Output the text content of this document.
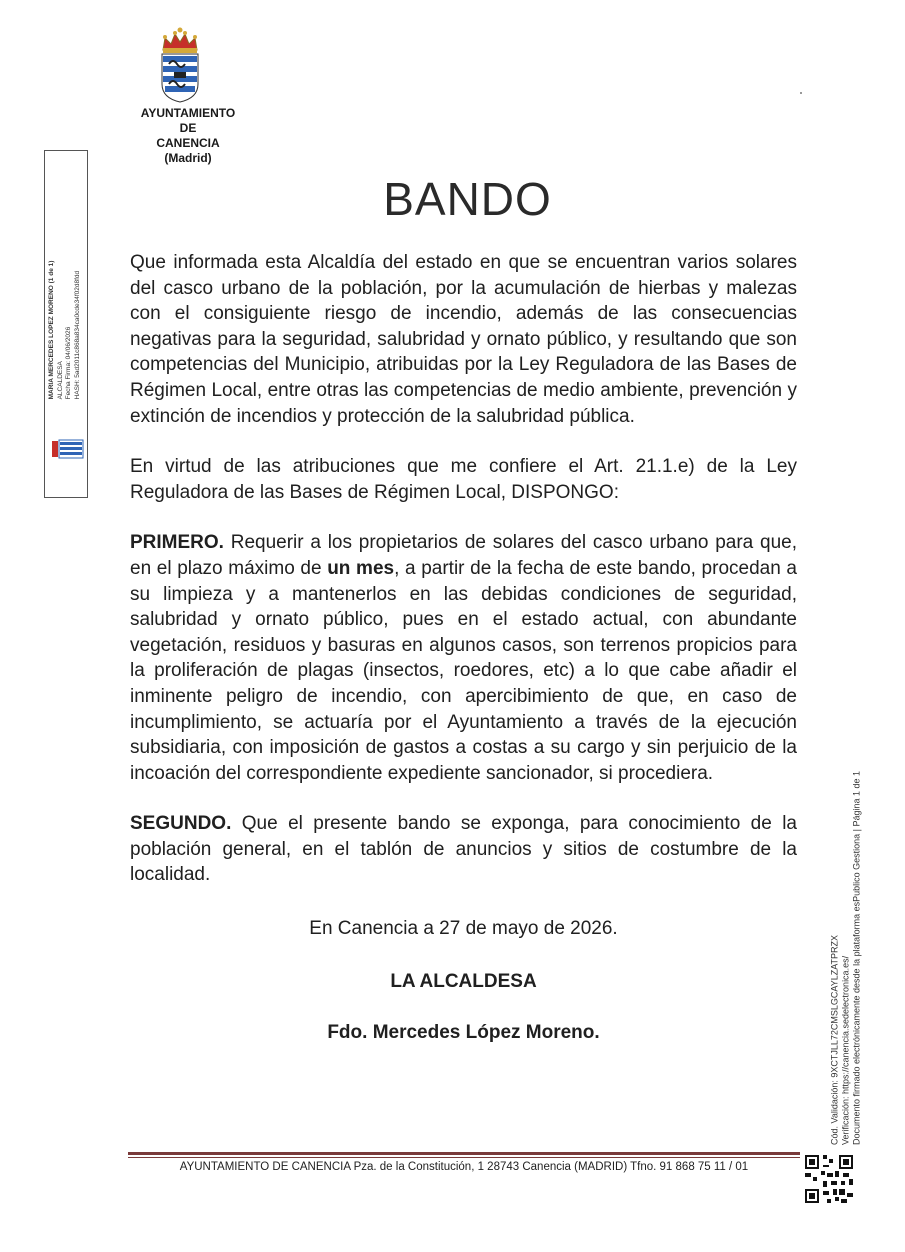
AYUNTAMIENTO
DE
CANENCIA
(Madrid)
BANDO

Que informada esta Alcaldía del estado en que se encuentran varios solares del casco urbano de la población, por la acumulación de hierbas y malezas con el consiguiente riesgo de incendio, además de las consecuencias negativas para la seguridad, salubridad y ornato público, y resultando que son competencias del Municipio, atribuidas por la Ley Reguladora de las Bases de Régimen Local, entre otras las competencias de medio ambiente, prevención y extinción de incendios y protección de la salubridad pública.

En virtud de las atribuciones que me confiere el Art. 21.1.e) de la Ley Reguladora de las Bases de Régimen Local, DISPONGO:

PRIMERO. Requerir a los propietarios de solares del casco urbano para que, en el plazo máximo de un mes, a partir de la fecha de este bando, procedan a su limpieza y a mantenerlos en las debidas condiciones de seguridad, salubridad y ornato público, pues en el estado actual, con abundante vegetación, residuos y basuras en algunos casos, son terrenos propicios para la proliferación de plagas (insectos, roedores, etc) a lo que cabe añadir el inminente peligro de incendio, con apercibimiento de que, en caso de incumplimiento, se actuaría por el Ayuntamiento a través de la ejecución subsidiaria, con imposición de gastos a costas a su cargo y sin perjuicio de la incoación del correspondiente expediente sancionador, si procediera.

SEGUNDO. Que el presente bando se exponga, para conocimiento de la población general, en el tablón de anuncios y sitios de costumbre de la localidad.

En Canencia a 27 de mayo de 2026.
LA ALCALDESA
Fdo. Mercedes López Moreno.
MARIA MERCEDES LOPEZ MORENO (1 de 1) ALCALDESA Fecha Firma: 04/06/2026 HASH: 5ad2011c868a834ca0cde34f02d8fdd
Cód. Validación: 9XCTJLL72CMSLGCAYLZATPRZX Verificación: https://canencia.sedelectronica.es/ Documento firmado electrónicamente desde la plataforma esPublico Gestiona | Página 1 de 1
AYUNTAMIENTO DE CANENCIA Pza. de la Constitución, 1 28743 Canencia (MADRID) Tfno. 91 868 75 11 / 01
